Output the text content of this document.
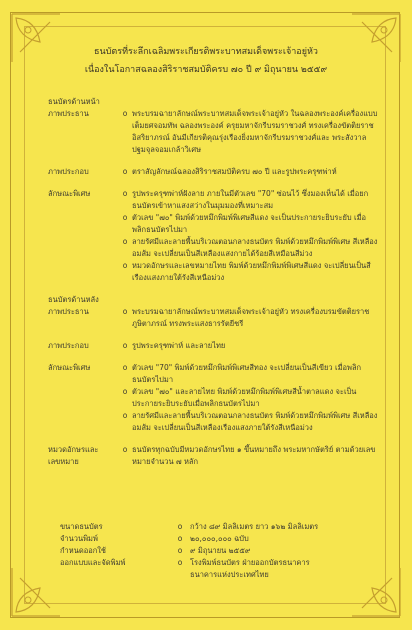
ธนบัตรที่ระลึกเฉลิมพระเกียรติพระบาทสมเด็จพระเจ้าอยู่หัว
เนื่องในโอกาสฉลองสิริราชสมบัติครบ ๗๐ ปี ๙ มิถุนายน ๒๕๕๙
ธนบัตรด้านหน้า
ภาพประธาน	o พระบรมฉายาลักษณ์พระบาทสมเด็จพระเจ้าอยู่หัว ในฉลองพระองค์เครื่องแบบเต็มยศจอมทัพ ฉลองพระองค์ ครุยมหาจักรีบรมราชวงศ์ ทรงเครื่องขัตติยราชอิสริยาภรณ์ อันมีเกียรติคุณรุ่งเรืองยิ่งมหาจักรีบรมราชวงศ์และ พระสังวาลปฐมจุลจอมเกล้าวิเศษ
ภาพประกอบ	o ตราสัญลักษณ์ฉลองสิริราชสมบัติครบ ๗๐ ปี และรูปพระครุฑพ่าห์
ลักษณะพิเศษ	o รูปพระครุฑพ่าห์ฝังลาย ภายในมีตัวเลข "70" ซ่อนไว้ ซึ่งมองเห็นได้ เมื่อยกธนบัตรเข้าหาแสงสว่างในมุมมองที่เหมาะสม
o ตัวเลข "๗๐" พิมพ์ด้วยหมึกพิมพ์พิเศษสีแดง จะเป็นประกายระยิบระยับ เมื่อพลิกธนบัตรไปมา
o ลายรัศมีและลายพื้นบริเวณตอนกลางธนบัตร พิมพ์ด้วยหมึกพิมพ์พิเศษ สีเหลืองอมส้ม จะเปลี่ยนเป็นสีเหลืองแสงกายได้ร้อยสีเหมือนสีม่วง
o หมวดอักษรและเลขหมายไทย พิมพ์ด้วยหมึกพิมพ์พิเศษสีแดง จะเปลี่ยนเป็นสีเรืองแสงภายใต้รังสีเหนือม่วง
ธนบัตรด้านหลัง
ภาพประธาน	o พระบรมฉายาลักษณ์พระบาทสมเด็จพระเจ้าอยู่หัว ทรงเครื่องบรมขัตติยราชภูษิตาภรณ์ ทรงพระแสงธารรัตยีชรี
ภาพประกอบ	o รูปพระครุฑพ่าห์ และลายไทย
ลักษณะพิเศษ	o ตัวเลข "70" พิมพ์ด้วยหมึกพิมพ์พิเศษสีทอง จะเปลี่ยนเป็นสีเขียว เมื่อพลิกธนบัตรไปมา
o ตัวเลข "๗๐" และลายไทย พิมพ์ด้วยหมึกพิมพ์พิเศษสีน้ำตาลแดง จะเป็นประกายระยิบระยับเมื่อพลิกธนบัตรไปมา
o ลายรัศมีและลายพื้นบริเวณตอนกลางธนบัตร พิมพ์ด้วยหมึกพิมพ์พิเศษ สีเหลืองอมส้ม จะเปลี่ยนเป็นสีเหลืองเรืองแสงภายใต้รังสีเหนือม่วง
หมวดอักษรและ
เลขหมาย
o ธนบัตรทุกฉบับมีหมวดอักษรไทย ๑ ขึ้นหมายถึง พระมหากษัตริย์ ตามด้วยเลขหมายจำนวน ๗ หลัก
ขนาดธนบัตร	o	กว้าง ๘๙ มิลลิเมตร ยาว ๑๖๒ มิลลิเมตร
จำนวนพิมพ์	o	๒๐,๐๐๐,๐๐๐ ฉบับ
กำหนดออกใช้	o	๙ มิถุนายน ๒๕๕๙
ออกแบบและจัดพิมพ์	o	โรงพิมพ์ธนบัตร ฝ่ายออกบัตรธนาคาร
ธนาคารแห่งประเทศไทย
